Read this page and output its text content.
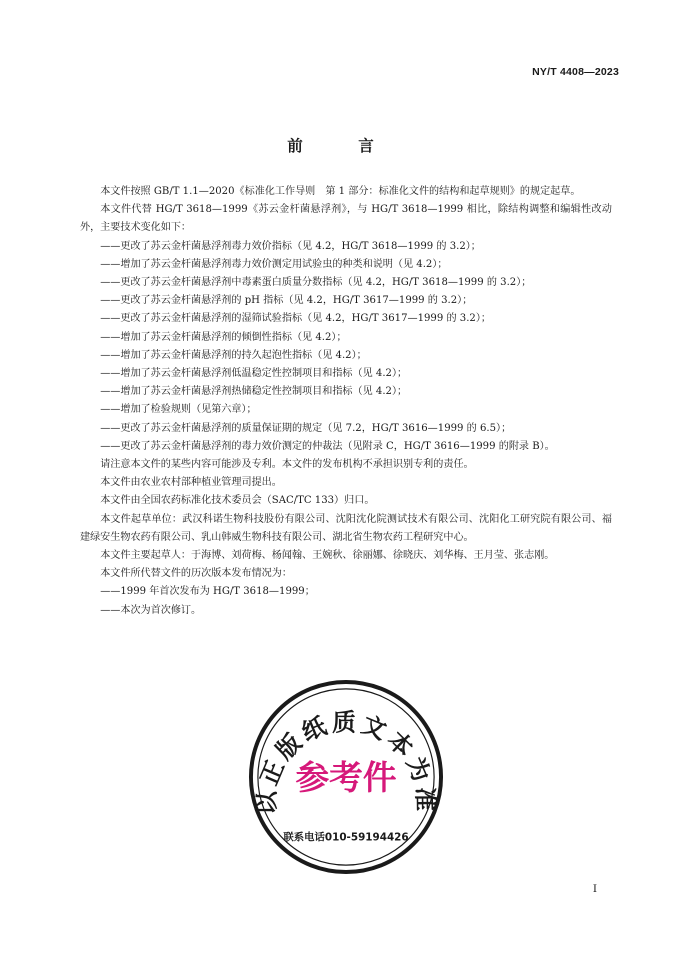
NY/T 4408—2023
前　言

本文件按照 GB/T 1.1—2020《标准化工作导则　第 1 部分：标准化文件的结构和起草规则》的规定起草。

本文件代替 HG/T 3618—1999《苏云金杆菌悬浮剂》，与 HG/T 3618—1999 相比，除结构调整和编辑性改动外，主要技术变化如下：

——更改了苏云金杆菌悬浮剂毒力效价指标（见 4.2，HG/T 3618—1999 的 3.2）；

——增加了苏云金杆菌悬浮剂毒力效价测定用试验虫的种类和说明（见 4.2）；

——更改了苏云金杆菌悬浮剂中毒素蛋白质量分数指标（见 4.2，HG/T 3618—1999 的 3.2）；

——更改了苏云金杆菌悬浮剂的 pH 指标（见 4.2，HG/T 3617—1999 的 3.2）；

——更改了苏云金杆菌悬浮剂的湿筛试验指标（见 4.2，HG/T 3617—1999 的 3.2）；

——增加了苏云金杆菌悬浮剂的倾倒性指标（见 4.2）；

——增加了苏云金杆菌悬浮剂的持久起泡性指标（见 4.2）；

——增加了苏云金杆菌悬浮剂低温稳定性控制项目和指标（见 4.2）；

——增加了苏云金杆菌悬浮剂热储稳定性控制项目和指标（见 4.2）；

——增加了检验规则（见第六章）；

——更改了苏云金杆菌悬浮剂的质量保证期的规定（见 7.2，HG/T 3616—1999 的 6.5）；

——更改了苏云金杆菌悬浮剂的毒力效价测定的仲裁法（见附录 C，HG/T 3616—1999 的附录 B）。

请注意本文件的某些内容可能涉及专利。本文件的发布机构不承担识别专利的责任。

本文件由农业农村部种植业管理司提出。

本文件由全国农药标准化技术委员会（SAC/TC 133）归口。

本文件起草单位：武汉科诺生物科技股份有限公司、沈阳沈化院测试技术有限公司、沈阳化工研究院有限公司、福建绿安生物农药有限公司、乳山韩威生物科技有限公司、湖北省生物农药工程研究中心。

本文件主要起草人：于海博、刘荷梅、杨闻翰、王婉秋、徐丽娜、徐晓庆、刘华梅、王月莹、张志刚。

本文件所代替文件的历次版本发布情况为：

——1999 年首次发布为 HG/T 3618—1999；

——本次为首次修订。

以正版纸质文本为准
参考件
联系电话010-59194426
I
